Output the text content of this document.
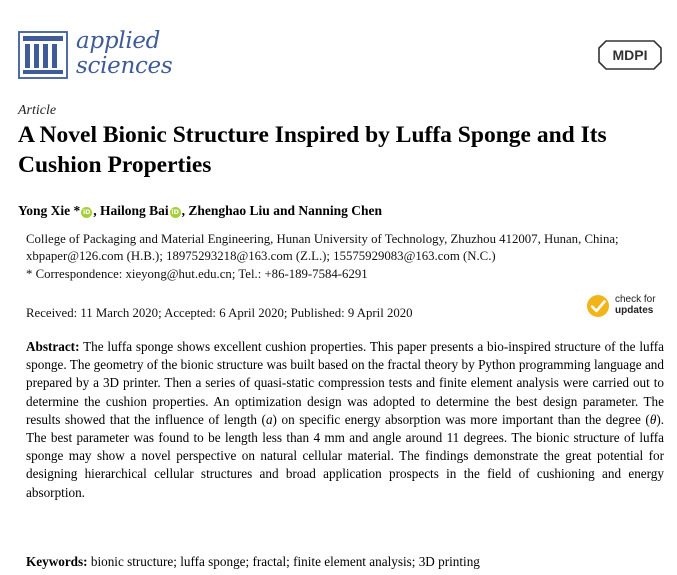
applied
sciences	MDPI
Article
A Novel Bionic Structure Inspired by Luffa Sponge and Its Cushion Properties
Yong Xie * iD , Hailong Bai iD , Zhenghao Liu and Nanning Chen
College of Packaging and Material Engineering, Hunan University of Technology, Zhuzhou 412007, Hunan, China; xbpaper@126.com (H.B.); 18975293218@163.com (Z.L.); 15575929083@163.com (N.C.)
* Correspondence: xieyong@hut.edu.cn; Tel.: +86-189-7584-6291
Received: 11 March 2020; Accepted: 6 April 2020; Published: 9 April 2020
check for
updates

Abstract: The luffa sponge shows excellent cushion properties. This paper presents a bio-inspired structure of the luffa sponge. The geometry of the bionic structure was built based on the fractal theory by Python programming language and prepared by a 3D printer. Then a series of quasi-static compression tests and finite element analysis were carried out to determine the cushion properties. An optimization design was adopted to determine the best design parameter. The results showed that the influence of length (a) on specific energy absorption was more important than the degree (θ). The best parameter was found to be length less than 4 mm and angle around 11 degrees. The bionic structure of luffa sponge may show a novel perspective on natural cellular material. The findings demonstrate the great potential for designing hierarchical cellular structures and broad application prospects in the field of cushioning and energy absorption.

Keywords: bionic structure; luffa sponge; fractal; finite element analysis; 3D printing
